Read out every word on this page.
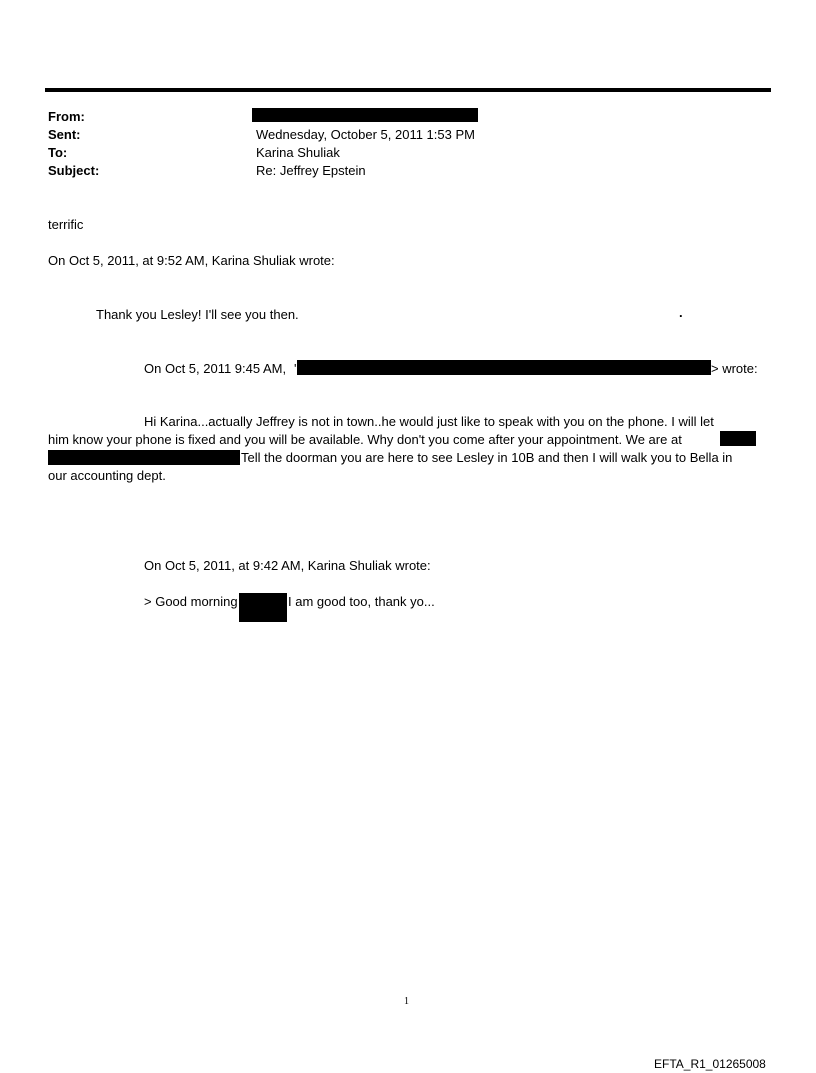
From:
Sent:	Wednesday, October 5, 2011 1:53 PM
To:	Karina Shuliak
Subject:	Re: Jeffrey Epstein
terrific
On Oct 5, 2011, at 9:52 AM, Karina Shuliak wrote:
Thank you Lesley! I'll see you then.	.
On Oct 5, 2011 9:45 AM, '	> wrote:
Hi Karina...actually Jeffrey is not in town..he would just like to speak with you on the phone. I will let
him know your phone is fixed and you will be available. Why don't you come after your appointment. We are at
Tell the doorman you are here to see Lesley in 10B and then I will walk you to Bella in
our accounting dept.
On Oct 5, 2011, at 9:42 AM, Karina Shuliak wrote:
> Good morning	I am good too, thank yo...
1
EFTA_R1_01265008
